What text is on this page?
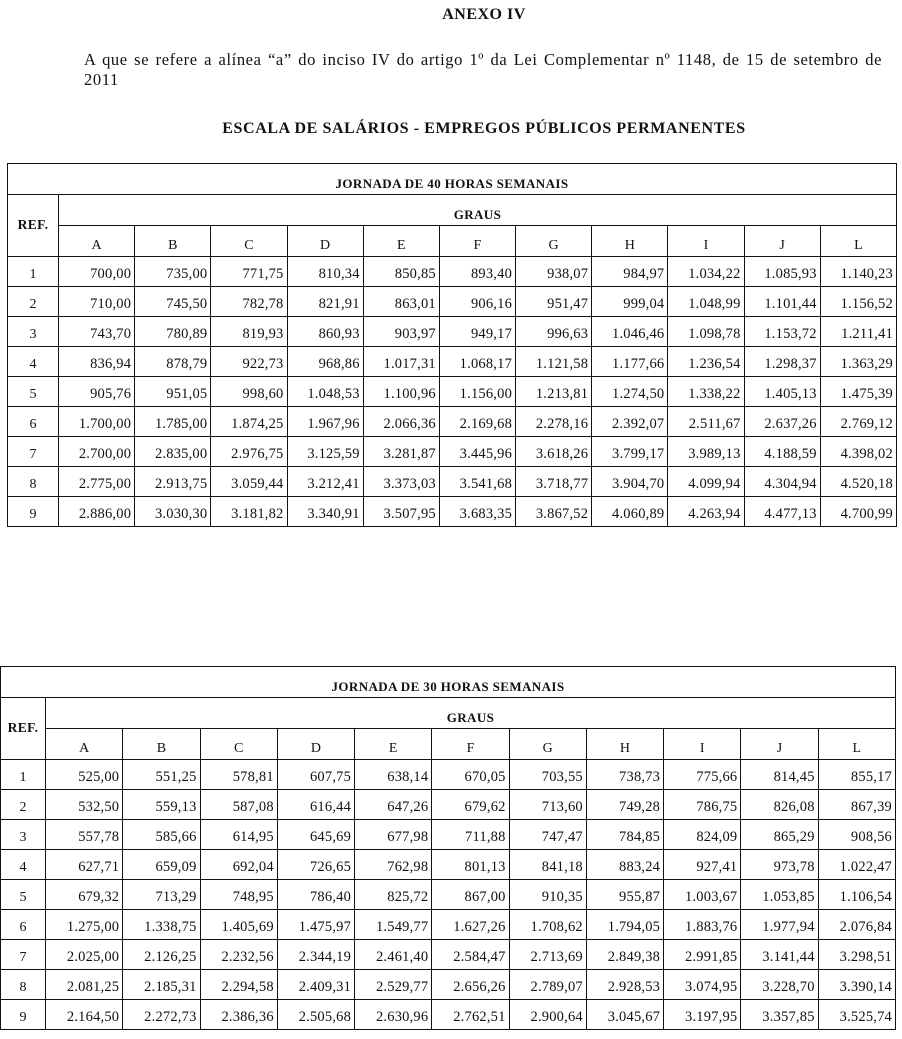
ANEXO IV
A que se refere a alínea “a” do inciso IV do artigo 1º da Lei Complementar nº 1148, de 15 de setembro de 2011
ESCALA DE SALÁRIOS - EMPREGOS PÚBLICOS PERMANENTES
JORNADA DE 40 HORAS SEMANAIS											
REF.	GRAUS										
	A	B	C	D	E	F	G	H	I	J	L
1	700,00	735,00	771,75	810,34	850,85	893,40	938,07	984,97	1.034,22	1.085,93	1.140,23
2	710,00	745,50	782,78	821,91	863,01	906,16	951,47	999,04	1.048,99	1.101,44	1.156,52
3	743,70	780,89	819,93	860,93	903,97	949,17	996,63	1.046,46	1.098,78	1.153,72	1.211,41
4	836,94	878,79	922,73	968,86	1.017,31	1.068,17	1.121,58	1.177,66	1.236,54	1.298,37	1.363,29
5	905,76	951,05	998,60	1.048,53	1.100,96	1.156,00	1.213,81	1.274,50	1.338,22	1.405,13	1.475,39
6	1.700,00	1.785,00	1.874,25	1.967,96	2.066,36	2.169,68	2.278,16	2.392,07	2.511,67	2.637,26	2.769,12
7	2.700,00	2.835,00	2.976,75	3.125,59	3.281,87	3.445,96	3.618,26	3.799,17	3.989,13	4.188,59	4.398,02
8	2.775,00	2.913,75	3.059,44	3.212,41	3.373,03	3.541,68	3.718,77	3.904,70	4.099,94	4.304,94	4.520,18
9	2.886,00	3.030,30	3.181,82	3.340,91	3.507,95	3.683,35	3.867,52	4.060,89	4.263,94	4.477,13	4.700,99
JORNADA DE 30 HORAS SEMANAIS											
REF.	GRAUS										
	A	B	C	D	E	F	G	H	I	J	L
1	525,00	551,25	578,81	607,75	638,14	670,05	703,55	738,73	775,66	814,45	855,17
2	532,50	559,13	587,08	616,44	647,26	679,62	713,60	749,28	786,75	826,08	867,39
3	557,78	585,66	614,95	645,69	677,98	711,88	747,47	784,85	824,09	865,29	908,56
4	627,71	659,09	692,04	726,65	762,98	801,13	841,18	883,24	927,41	973,78	1.022,47
5	679,32	713,29	748,95	786,40	825,72	867,00	910,35	955,87	1.003,67	1.053,85	1.106,54
6	1.275,00	1.338,75	1.405,69	1.475,97	1.549,77	1.627,26	1.708,62	1.794,05	1.883,76	1.977,94	2.076,84
7	2.025,00	2.126,25	2.232,56	2.344,19	2.461,40	2.584,47	2.713,69	2.849,38	2.991,85	3.141,44	3.298,51
8	2.081,25	2.185,31	2.294,58	2.409,31	2.529,77	2.656,26	2.789,07	2.928,53	3.074,95	3.228,70	3.390,14
9	2.164,50	2.272,73	2.386,36	2.505,68	2.630,96	2.762,51	2.900,64	3.045,67	3.197,95	3.357,85	3.525,74
